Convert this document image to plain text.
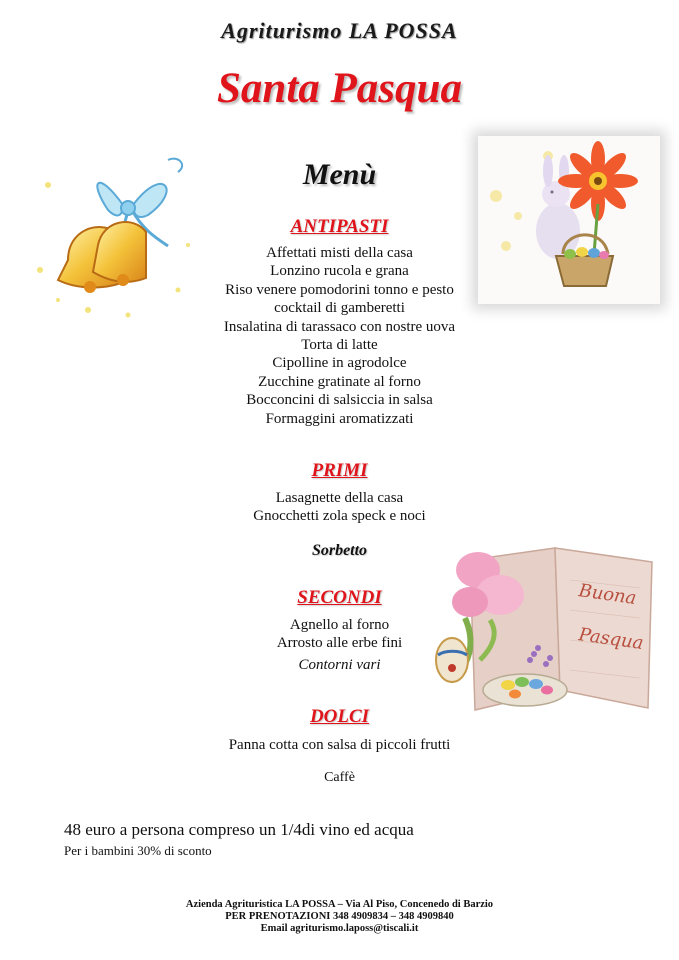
Agriturismo LA POSSA
Santa Pasqua
Menù
ANTIPASTI
Affettati misti della casa
Lonzino rucola e grana
Riso venere pomodorini tonno e pesto
cocktail di gamberetti
Insalatina di tarassaco con nostre uova
Torta di latte
Cipolline in agrodolce
Zucchine gratinate al forno
Bocconcini di salsiccia in salsa
Formaggini aromatizzati
PRIMI
Lasagnette della casa
Gnocchetti zola speck e noci
Sorbetto
SECONDI
Agnello al forno
Arrosto alle erbe fini
Contorni vari
Buona
Pasqua
DOLCI
Panna cotta con salsa di piccoli frutti
Caffè
48 euro a persona compreso un 1/4di vino ed acqua
Per i bambini 30% di sconto
Azienda Agrituristica LA POSSA – Via Al Piso, Concenedo di Barzio
PER PRENOTAZIONI 348 4909834 – 348 4909840
Email agriturismo.laposs@tiscali.it
